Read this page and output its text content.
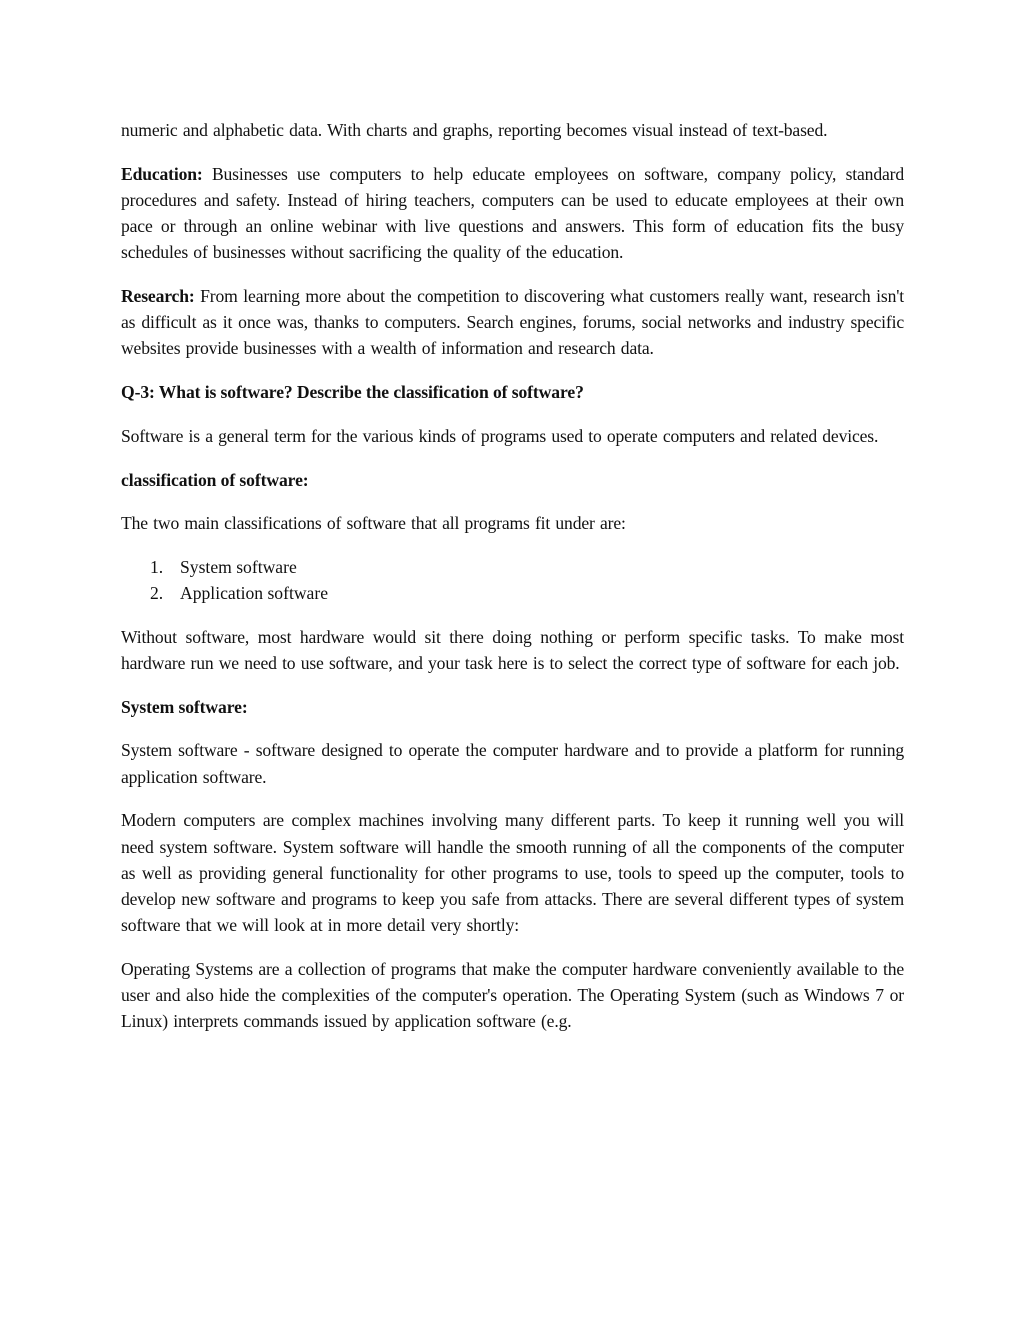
numeric and alphabetic data. With charts and graphs, reporting becomes visual instead of text-based.

Education: Businesses use computers to help educate employees on software, company policy, standard procedures and safety. Instead of hiring teachers, computers can be used to educate employees at their own pace or through an online webinar with live questions and answers. This form of education fits the busy schedules of businesses without sacrificing the quality of the education.

Research: From learning more about the competition to discovering what customers really want, research isn't as difficult as it once was, thanks to computers. Search engines, forums, social networks and industry specific websites provide businesses with a wealth of information and research data.

Q-3: What is software? Describe the classification of software?

Software is a general term for the various kinds of programs used to operate computers and related devices.

classification of software:

The two main classifications of software that all programs fit under are:

1. System software
2. Application software

Without software, most hardware would sit there doing nothing or perform specific tasks. To make most hardware run we need to use software, and your task here is to select the correct type of software for each job.

System software:

System software - software designed to operate the computer hardware and to provide a platform for running application software.

Modern computers are complex machines involving many different parts. To keep it running well you will need system software. System software will handle the smooth running of all the components of the computer as well as providing general functionality for other programs to use, tools to speed up the computer, tools to develop new software and programs to keep you safe from attacks. There are several different types of system software that we will look at in more detail very shortly:

Operating Systems are a collection of programs that make the computer hardware conveniently available to the user and also hide the complexities of the computer's operation. The Operating System (such as Windows 7 or Linux) interprets commands issued by application software (e.g.
